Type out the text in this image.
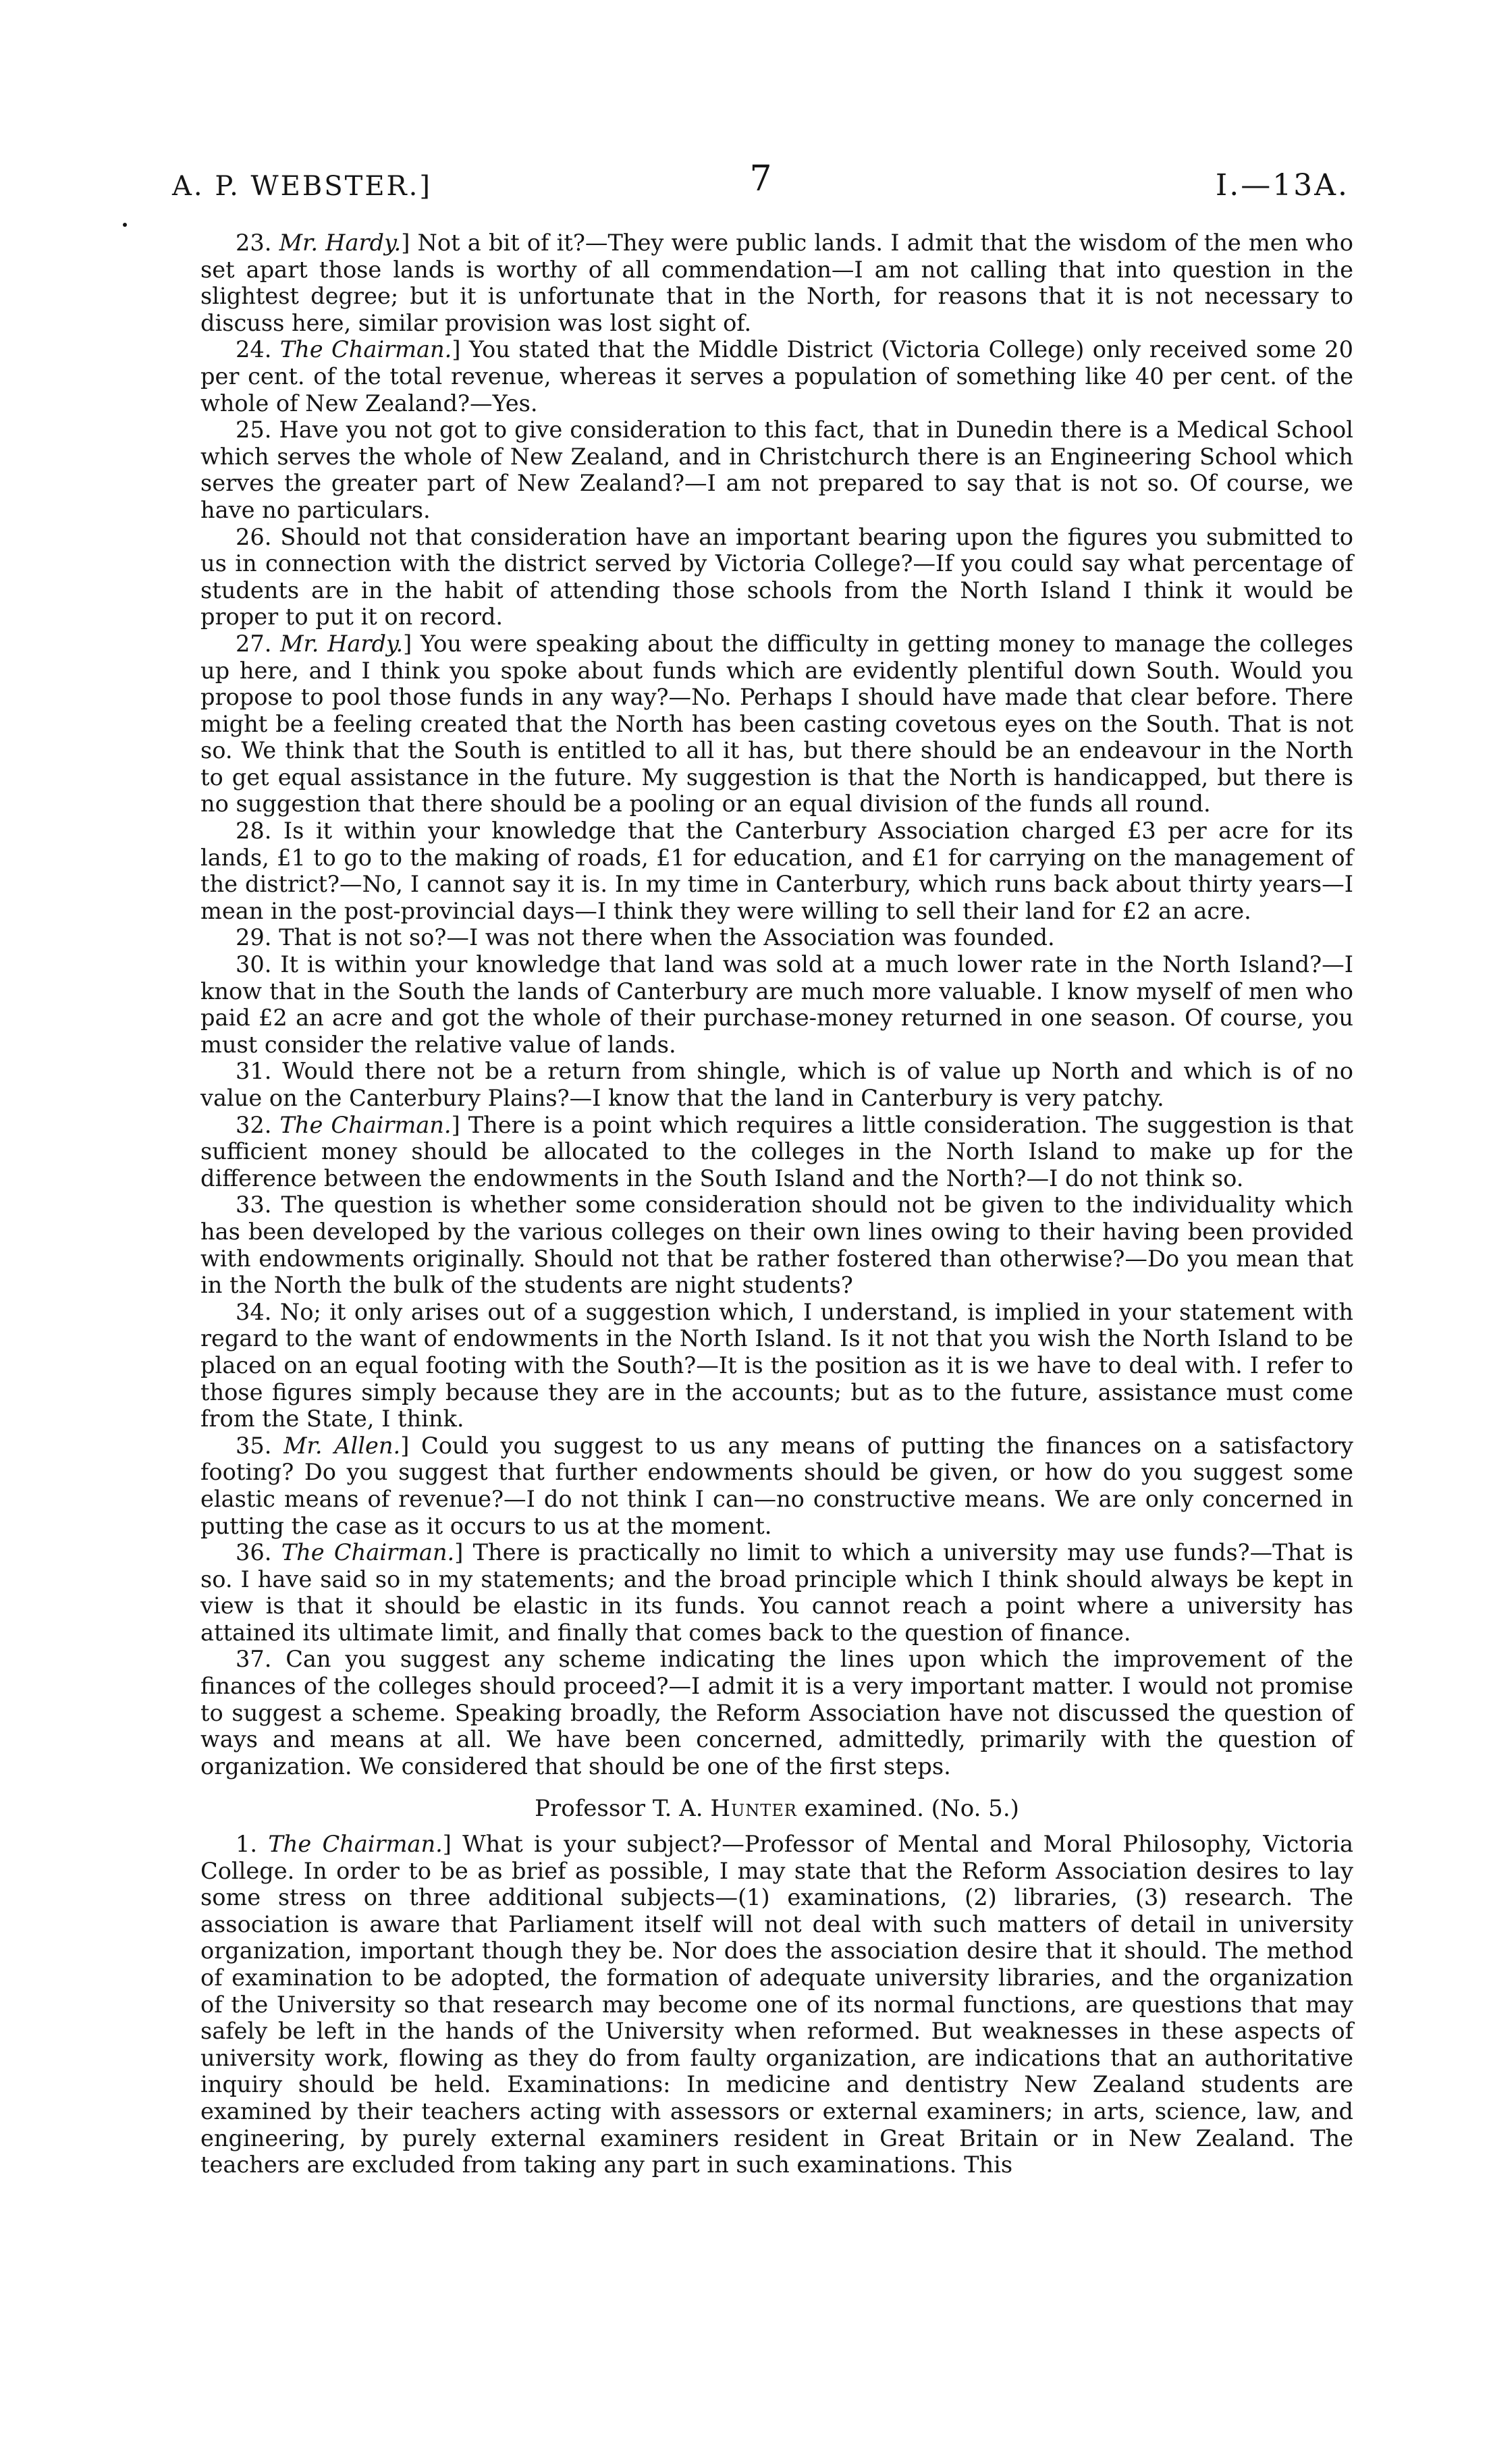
A. P. WEBSTER.]	7	I.—13A.

23. Mr. Hardy.] Not a bit of it?—They were public lands. I admit that the wisdom of the men who set apart those lands is worthy of all commendation—I am not calling that into question in the slightest degree; but it is unfortunate that in the North, for reasons that it is not necessary to discuss here, similar provision was lost sight of.

24. The Chairman.] You stated that the Middle District (Victoria College) only received some 20 per cent. of the total revenue, whereas it serves a population of something like 40 per cent. of the whole of New Zealand?—Yes.

25. Have you not got to give consideration to this fact, that in Dunedin there is a Medical School which serves the whole of New Zealand, and in Christchurch there is an Engineering School which serves the greater part of New Zealand?—I am not prepared to say that is not so. Of course, we have no particulars.

26. Should not that consideration have an important bearing upon the figures you submitted to us in connection with the district served by Victoria College?—If you could say what percentage of students are in the habit of attending those schools from the North Island I think it would be proper to put it on record.

27. Mr. Hardy.] You were speaking about the difficulty in getting money to manage the colleges up here, and I think you spoke about funds which are evidently plentiful down South. Would you propose to pool those funds in any way?—No. Perhaps I should have made that clear before. There might be a feeling created that the North has been casting covetous eyes on the South. That is not so. We think that the South is entitled to all it has, but there should be an endeavour in the North to get equal assistance in the future. My suggestion is that the North is handicapped, but there is no suggestion that there should be a pooling or an equal division of the funds all round.

28. Is it within your knowledge that the Canterbury Association charged £3 per acre for its lands, £1 to go to the making of roads, £1 for education, and £1 for carrying on the management of the district?—No, I cannot say it is. In my time in Canterbury, which runs back about thirty years—I mean in the post-provincial days—I think they were willing to sell their land for £2 an acre.

29. That is not so?—I was not there when the Association was founded.

30. It is within your knowledge that land was sold at a much lower rate in the North Island?—I know that in the South the lands of Canterbury are much more valuable. I know myself of men who paid £2 an acre and got the whole of their purchase-money returned in one season. Of course, you must consider the relative value of lands.

31. Would there not be a return from shingle, which is of value up North and which is of no value on the Canterbury Plains?—I know that the land in Canterbury is very patchy.

32. The Chairman.] There is a point which requires a little consideration. The suggestion is that sufficient money should be allocated to the colleges in the North Island to make up for the difference between the endowments in the South Island and the North?—I do not think so.

33. The question is whether some consideration should not be given to the individuality which has been developed by the various colleges on their own lines owing to their having been provided with endowments originally. Should not that be rather fostered than otherwise?—Do you mean that in the North the bulk of the students are night students?

34. No; it only arises out of a suggestion which, I understand, is implied in your statement with regard to the want of endowments in the North Island. Is it not that you wish the North Island to be placed on an equal footing with the South?—It is the position as it is we have to deal with. I refer to those figures simply because they are in the accounts; but as to the future, assistance must come from the State, I think.

35. Mr. Allen.] Could you suggest to us any means of putting the finances on a satisfactory footing? Do you suggest that further endowments should be given, or how do you suggest some elastic means of revenue?—I do not think I can—no constructive means. We are only concerned in putting the case as it occurs to us at the moment.

36. The Chairman.] There is practically no limit to which a university may use funds?—That is so. I have said so in my statements; and the broad principle which I think should always be kept in view is that it should be elastic in its funds. You cannot reach a point where a university has attained its ultimate limit, and finally that comes back to the question of finance.

37. Can you suggest any scheme indicating the lines upon which the improvement of the finances of the colleges should proceed?—I admit it is a very important matter. I would not promise to suggest a scheme. Speaking broadly, the Reform Association have not discussed the question of ways and means at all. We have been concerned, admittedly, primarily with the question of organization. We considered that should be one of the first steps.

Professor T. A. Hunter examined. (No. 5.)

1. The Chairman.] What is your subject?—Professor of Mental and Moral Philosophy, Victoria College. In order to be as brief as possible, I may state that the Reform Association desires to lay some stress on three additional subjects—(1) examinations, (2) libraries, (3) research. The association is aware that Parliament itself will not deal with such matters of detail in university organization, important though they be. Nor does the association desire that it should. The method of examination to be adopted, the formation of adequate university libraries, and the organization of the University so that research may become one of its normal functions, are questions that may safely be left in the hands of the University when reformed. But weaknesses in these aspects of university work, flowing as they do from faulty organization, are indications that an authoritative inquiry should be held. Examinations: In medicine and dentistry New Zealand students are examined by their teachers acting with assessors or external examiners; in arts, science, law, and engineering, by purely external examiners resident in Great Britain or in New Zealand. The teachers are excluded from taking any part in such examinations. This
